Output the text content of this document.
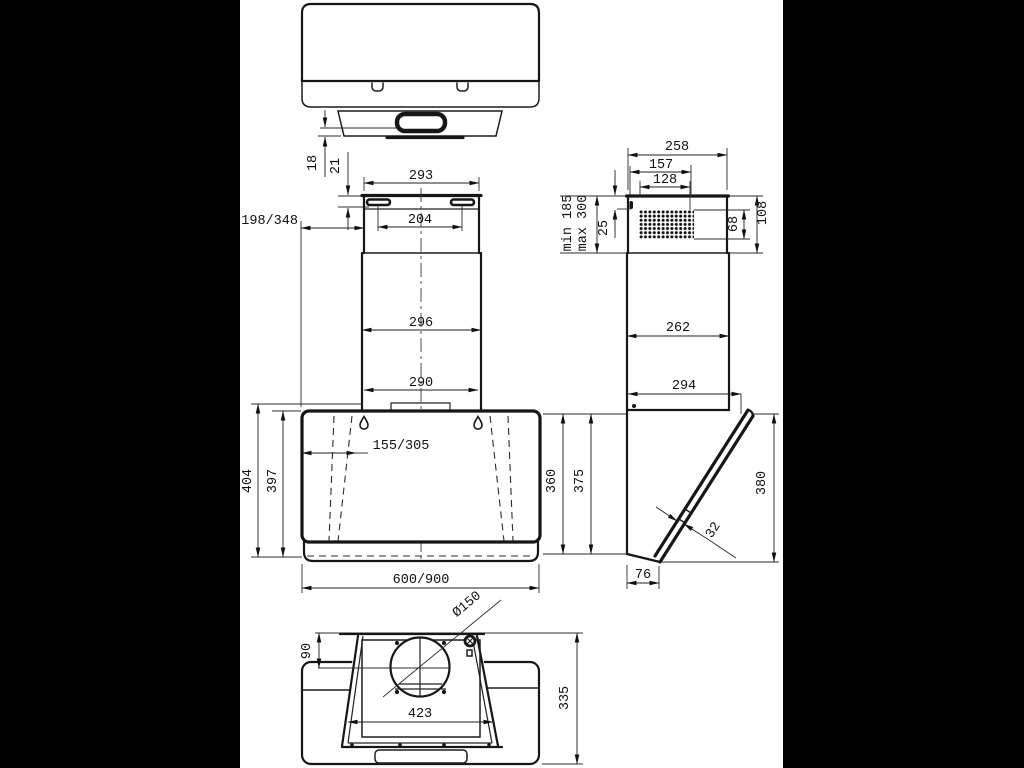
18 21
293
204
198/348
296
290
155/305
404 397
600/900
258
157
128
min 185 max 300 25	68 108
262
294
32
380
76
360 375
Ø150
90
423
335
